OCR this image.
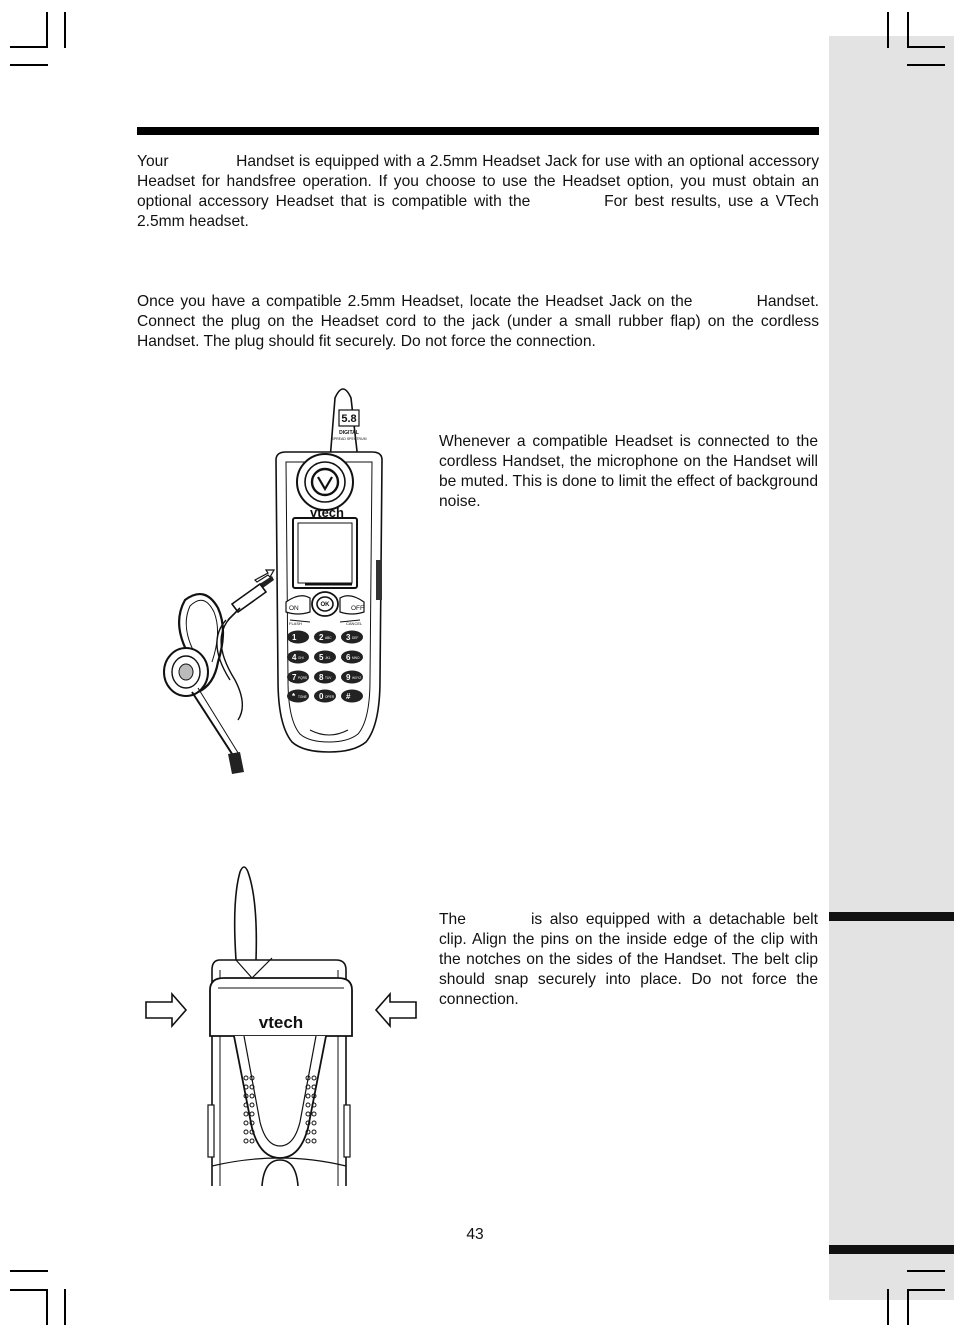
Your	Handset is equipped with a 2.5mm Headset Jack for use with an optional accessory Headset for handsfree operation. If you choose to use the Headset option, you must obtain an optional accessory Headset that is compatible with the	For best results, use a VTech 2.5mm headset.

Once you have a compatible 2.5mm Headset, locate the Headset Jack on the	Handset. Connect the plug on the Headset cord to the jack (under a small rubber flap) on the cordless Handset. The plug should fit securely. Do not force the connection.

Whenever a compatible Headset is connected to the cordless Handset, the microphone on the Handset will be muted. This is done to limit the effect of background noise.

The	is also equipped with a detachable belt clip. Align the pins on the inside edge of the clip with the notches on the sides of the Handset. The belt clip should snap securely into place. Do not force the connection.

43
5.8
DIGITAL
SPREAD SPECTRUM
vtech
OK
ON	OFF
FLASH	CANCEL
1	2 ABC 3 DEF
4 GHI 5 JKL 6 MNO
7 PQRS 8 TUV 9 WXYZ
* TONE 0 OPER #
vtech
